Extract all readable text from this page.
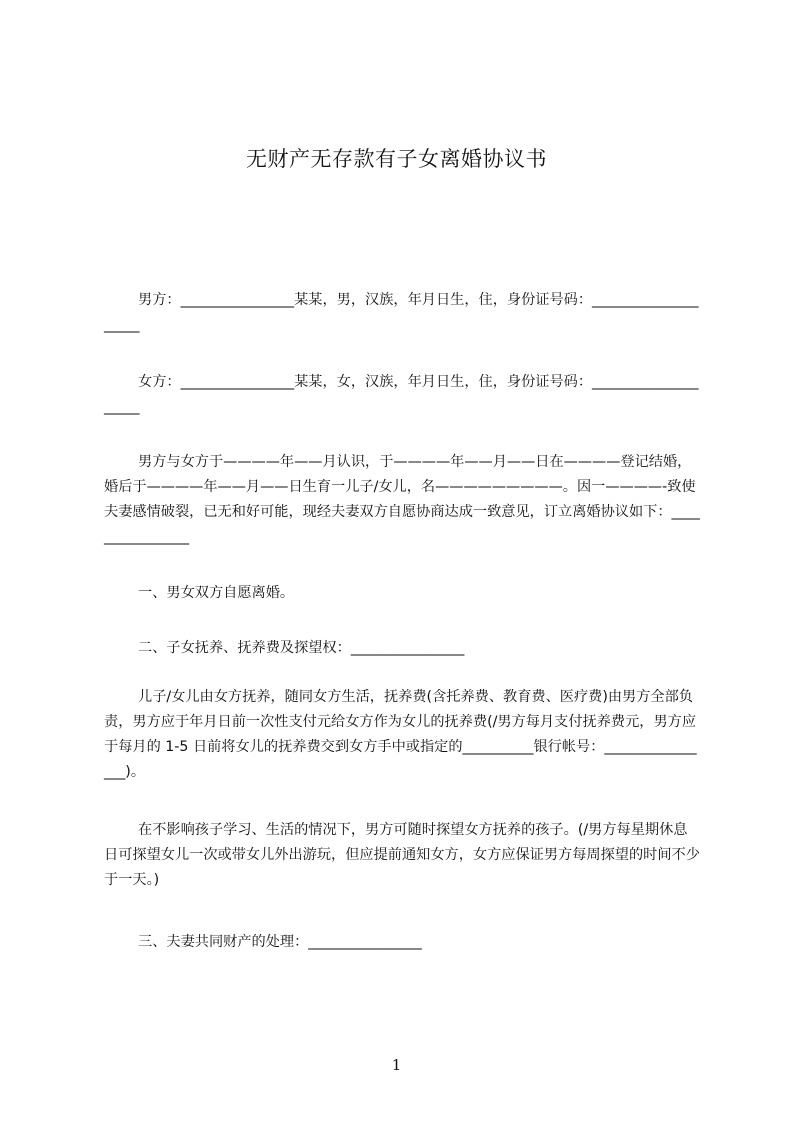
无财产无存款有子女离婚协议书

男方：________________某某，男，汉族，年月日生，住，身份证号码：____________________

女方：________________某某，女，汉族，年月日生，住，身份证号码：____________________

男方与女方于————年——月认识，于————年——月——日在————登记结婚，婚后于————年——月——日生育一儿子/女儿，名—————————。因一————-致使夫妻感情破裂，已无和好可能，现经夫妻双方自愿协商达成一致意见，订立离婚协议如下：________________

一、男女双方自愿离婚。
二、子女抚养、抚养费及探望权：________________

儿子/女儿由女方抚养，随同女方生活，抚养费(含托养费、教育费、医疗费)由男方全部负责，男方应于年月日前一次性支付元给女方作为女儿的抚养费(/男方每月支付抚养费元，男方应于每月的 1-5 日前将女儿的抚养费交到女方手中或指定的__________银行帐号：________________)。

在不影响孩子学习、生活的情况下，男方可随时探望女方抚养的孩子。(/男方每星期休息日可探望女儿一次或带女儿外出游玩，但应提前通知女方，女方应保证男方每周探望的时间不少于一天。)

三、夫妻共同财产的处理：________________
1
